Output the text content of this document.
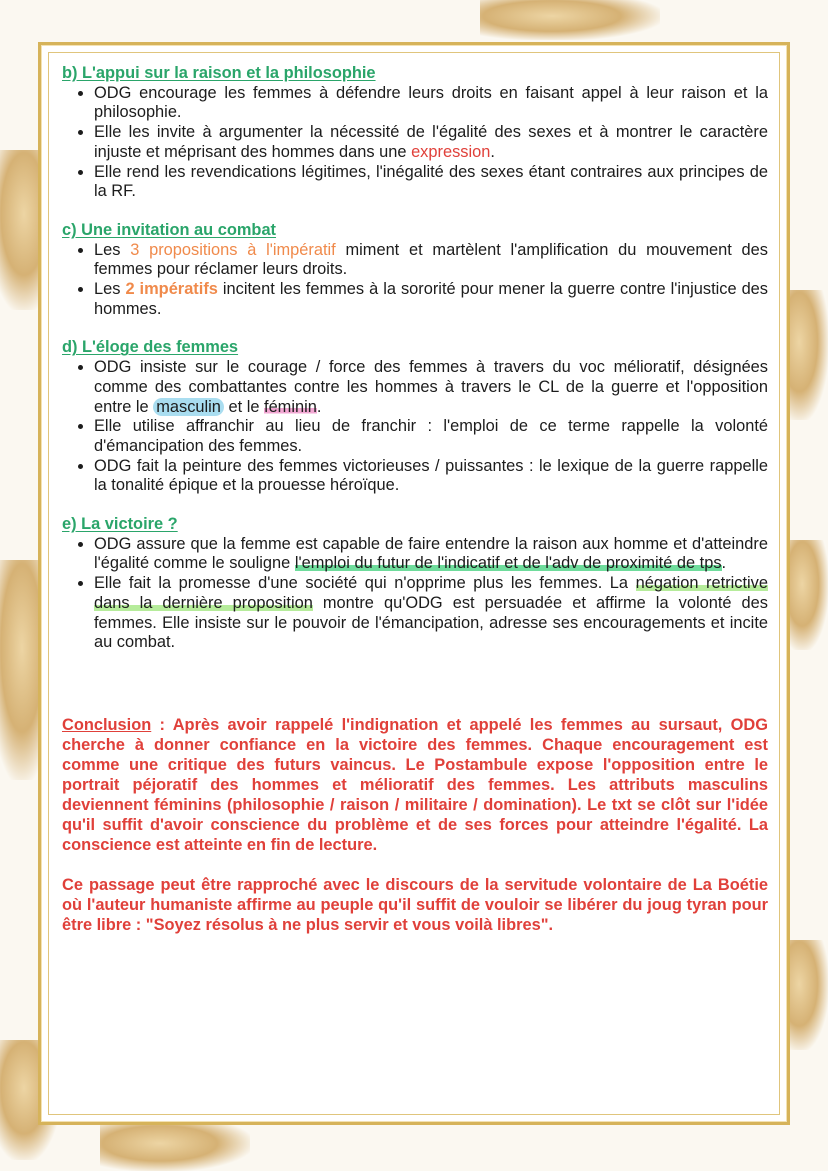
b) L'appui sur la raison et la philosophie
• ODG encourage les femmes à défendre leurs droits en faisant appel à leur raison et la philosophie.
• Elle les invite à argumenter la nécessité de l'égalité des sexes et à montrer le caractère injuste et méprisant des hommes dans une expression.
• Elle rend les revendications légitimes, l'inégalité des sexes étant contraires aux principes de la RF.
c) Une invitation au combat
• Les 3 propositions à l'impératif miment et martèlent l'amplification du mouvement des femmes pour réclamer leurs droits.
• Les 2 impératifs incitent les femmes à la sororité pour mener la guerre contre l'injustice des hommes.
d) L'éloge des femmes
• ODG insiste sur le courage / force des femmes à travers du voc mélioratif, désignées comme des combattantes contre les hommes à travers le CL de la guerre et l'opposition entre le masculin et le féminin.
• Elle utilise affranchir au lieu de franchir : l'emploi de ce terme rappelle la volonté d'émancipation des femmes.
• ODG fait la peinture des femmes victorieuses / puissantes : le lexique de la guerre rappelle la tonalité épique et la prouesse héroïque.
e) La victoire ?
• ODG assure que la femme est capable de faire entendre la raison aux homme et d'atteindre l'égalité comme le souligne l'emploi du futur de l'indicatif et de l'adv de proximité de tps.
• Elle fait la promesse d'une société qui n'opprime plus les femmes. La négation retrictive dans la dernière proposition montre qu'ODG est persuadée et affirme la volonté des femmes. Elle insiste sur le pouvoir de l'émancipation, adresse ses encouragements et incite au combat.
Conclusion : Après avoir rappelé l'indignation et appelé les femmes au sursaut, ODG cherche à donner confiance en la victoire des femmes. Chaque encouragement est comme une critique des futurs vaincus. Le Postambule expose l'opposition entre le portrait péjoratif des hommes et mélioratif des femmes. Les attributs masculins deviennent féminins (philosophie / raison / militaire / domination). Le txt se clôt sur l'idée qu'il suffit d'avoir conscience du problème et de ses forces pour atteindre l'égalité. La conscience est atteinte en fin de lecture.
Ce passage peut être rapproché avec le discours de la servitude volontaire de La Boétie où l'auteur humaniste affirme au peuple qu'il suffit de vouloir se libérer du joug tyran pour être libre : "Soyez résolus à ne plus servir et vous voilà libres".
